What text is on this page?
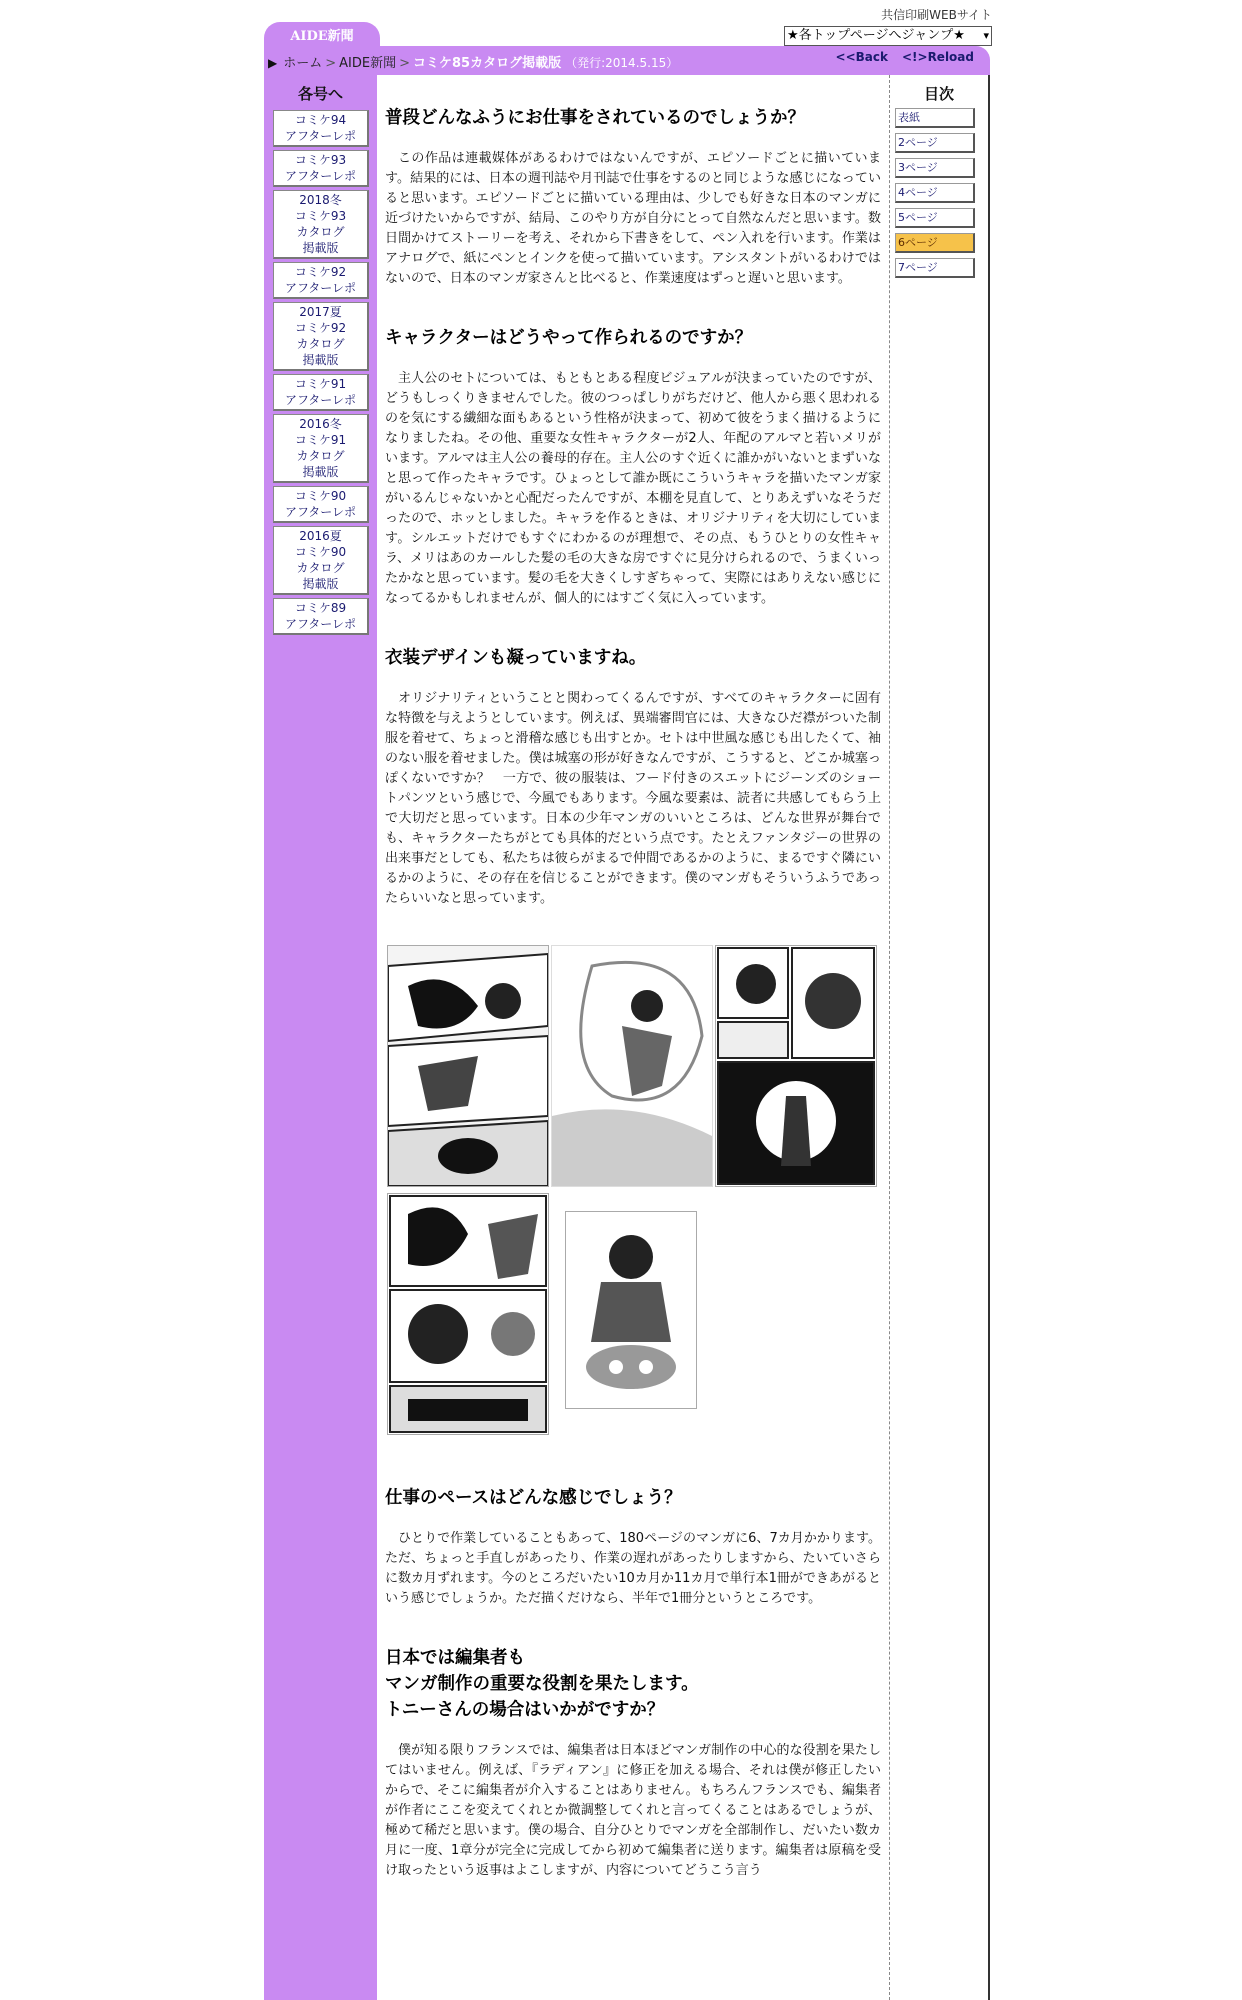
共信印刷WEBサイト
★各トップページへジャンプ★ ▾
AIDE新聞
▶ ホーム > AIDE新聞 > コミケ85カタログ掲載版 （発行:2014.5.15）	<<Back <!>Reload
各号へ
コミケ94
アフターレポ
コミケ93
アフターレポ
2018冬
コミケ93
カタログ
掲載版
コミケ92
アフターレポ
2017夏
コミケ92
カタログ
掲載版
コミケ91
アフターレポ
2016冬
コミケ91
カタログ
掲載版
コミケ90
アフターレポ
2016夏
コミケ90
カタログ
掲載版
コミケ89
アフターレポ
普段どんなふうにお仕事をされているのでしょうか？

この作品は連載媒体があるわけではないんですが、エピソードごとに描いています。結果的には、日本の週刊誌や月刊誌で仕事をするのと同じような感じになっていると思います。エピソードごとに描いている理由は、少しでも好きな日本のマンガに近づけたいからですが、結局、このやり方が自分にとって自然なんだと思います。数日間かけてストーリーを考え、それから下書きをして、ペン入れを行います。作業はアナログで、紙にペンとインクを使って描いています。アシスタントがいるわけではないので、日本のマンガ家さんと比べると、作業速度はずっと遅いと思います。

キャラクターはどうやって作られるのですか？

主人公のセトについては、もともとある程度ビジュアルが決まっていたのですが、どうもしっくりきませんでした。彼のつっぱしりがちだけど、他人から悪く思われるのを気にする繊細な面もあるという性格が決まって、初めて彼をうまく描けるようになりましたね。その他、重要な女性キャラクターが2人、年配のアルマと若いメリがいます。アルマは主人公の養母的存在。主人公のすぐ近くに誰かがいないとまずいなと思って作ったキャラです。ひょっとして誰か既にこういうキャラを描いたマンガ家がいるんじゃないかと心配だったんですが、本棚を見直して、とりあえずいなそうだったので、ホッとしました。キャラを作るときは、オリジナリティを大切にしています。シルエットだけでもすぐにわかるのが理想で、その点、もうひとりの女性キャラ、メリはあのカールした髪の毛の大きな房ですぐに見分けられるので、うまくいったかなと思っています。髪の毛を大きくしすぎちゃって、実際にはありえない感じになってるかもしれませんが、個人的にはすごく気に入っています。

衣装デザインも凝っていますね。

オリジナリティということと関わってくるんですが、すべてのキャラクターに固有な特徴を与えようとしています。例えば、異端審問官には、大きなひだ襟がついた制服を着せて、ちょっと滑稽な感じも出すとか。セトは中世風な感じも出したくて、袖のない服を着せました。僕は城塞の形が好きなんですが、こうすると、どこか城塞っぽくないですか？　一方で、彼の服装は、フード付きのスエットにジーンズのショートパンツという感じで、今風でもあります。今風な要素は、読者に共感してもらう上で大切だと思っています。日本の少年マンガのいいところは、どんな世界が舞台でも、キャラクターたちがとても具体的だという点です。たとえファンタジーの世界の出来事だとしても、私たちは彼らがまるで仲間であるかのように、まるですぐ隣にいるかのように、その存在を信じることができます。僕のマンガもそういうふうであったらいいなと思っています。

仕事のペースはどんな感じでしょう？

ひとりで作業していることもあって、180ページのマンガに6、7カ月かかります。ただ、ちょっと手直しがあったり、作業の遅れがあったりしますから、たいていさらに数カ月ずれます。今のところだいたい10カ月か11カ月で単行本1冊ができあがるという感じでしょうか。ただ描くだけなら、半年で1冊分というところです。

日本では編集者も
マンガ制作の重要な役割を果たします。
トニーさんの場合はいかがですか？

僕が知る限りフランスでは、編集者は日本ほどマンガ制作の中心的な役割を果たしてはいません。例えば、『ラディアン』に修正を加える場合、それは僕が修正したいからで、そこに編集者が介入することはありません。もちろんフランスでも、編集者が作者にここを変えてくれとか微調整してくれと言ってくることはあるでしょうが、極めて稀だと思います。僕の場合、自分ひとりでマンガを全部制作し、だいたい数カ月に一度、1章分が完全に完成してから初めて編集者に送ります。編集者は原稿を受け取ったという返事はよこしますが、内容についてどうこう言う

目次
表紙
2ページ
3ページ
4ページ
5ページ
6ページ
7ページ
